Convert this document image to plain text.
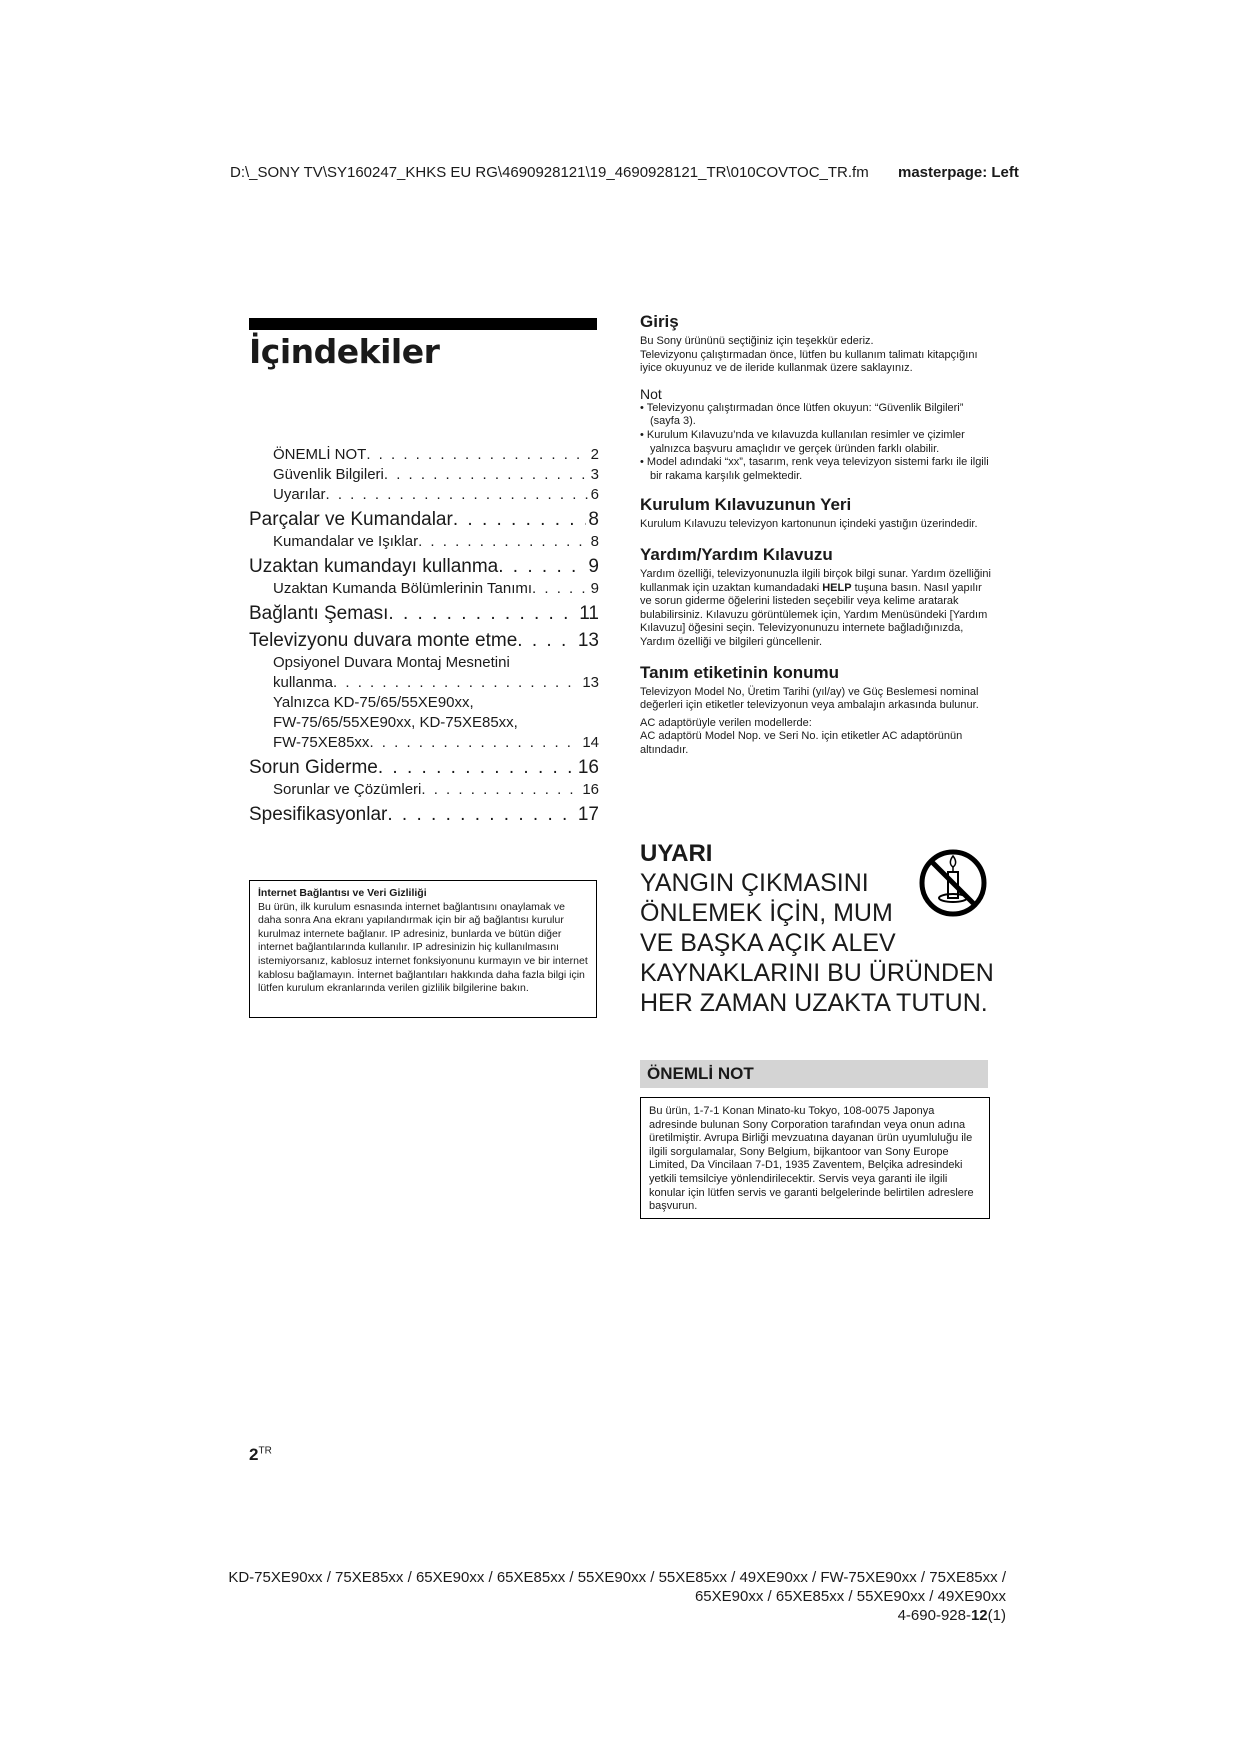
D:\_SONY TV\SY160247_KHKS EU RG\4690928121\19_4690928121_TR\010COVTOC_TR.fm masterpage: Left
İçindekiler
ÖNEMLİ NOT . . .	2
Güvenlik Bilgileri . . .	3
Uyarılar . . .	6
Parçalar ve Kumandalar . . .	8
Kumandalar ve Işıklar . . .	8
Uzaktan kumandayı kullanma . . .	9
Uzaktan Kumanda Bölümlerinin Tanımı . . .	9
Bağlantı Şeması . . .	11
Televizyonu duvara monte etme . . .	13
Opsiyonel Duvara Montaj Mesnetini
kullanma . . .	13
Yalnızca KD-75/65/55XE90xx,
FW-75/65/55XE90xx, KD-75XE85xx,
FW-75XE85xx . . .	14
Sorun Giderme . . .	16
Sorunlar ve Çözümleri . . .	16
Spesifikasyonlar . . .	17
İnternet Bağlantısı ve Veri Gizliliği
Bu ürün, ilk kurulum esnasında internet bağlantısını onaylamak ve daha sonra Ana ekranı yapılandırmak için bir ağ bağlantısı kurulur kurulmaz internete bağlanır. IP adresiniz, bunlarda ve bütün diğer internet bağlantılarında kullanılır. IP adresinizin hiç kullanılmasını istemiyorsanız, kablosuz internet fonksiyonunu kurmayın ve bir internet kablosu bağlamayın. İnternet bağlantıları hakkında daha fazla bilgi için lütfen kurulum ekranlarında verilen gizlilik bilgilerine bakın.
Giriş

Bu Sony ürününü seçtiğiniz için teşekkür ederiz.

Televizyonu çalıştırmadan önce, lütfen bu kullanım talimatı kitapçığını iyice okuyunuz ve de ileride kullanmak üzere saklayınız.

Not
• Televizyonu çalıştırmadan önce lütfen okuyun: “Güvenlik Bilgileri” (sayfa 3).
• Kurulum Kılavuzu’nda ve kılavuzda kullanılan resimler ve çizimler yalnızca başvuru amaçlıdır ve gerçek üründen farklı olabilir.
• Model adındaki “xx”, tasarım, renk veya televizyon sistemi farkı ile ilgili bir rakama karşılık gelmektedir.
Kurulum Kılavuzunun Yeri

Kurulum Kılavuzu televizyon kartonunun içindeki yastığın üzerindedir.

Yardım/Yardım Kılavuzu

Yardım özelliği, televizyonunuzla ilgili birçok bilgi sunar. Yardım özelliğini kullanmak için uzaktan kumandadaki HELP tuşuna basın. Nasıl yapılır ve sorun giderme öğelerini listeden seçebilir veya kelime aratarak bulabilirsiniz. Kılavuzu görüntülemek için, Yardım Menüsündeki [Yardım Kılavuzu] öğesini seçin. Televizyonunuzu internete bağladığınızda, Yardım özelliği ve bilgileri güncellenir.

Tanım etiketinin konumu

Televizyon Model No, Üretim Tarihi (yıl/ay) ve Güç Beslemesi nominal değerleri için etiketler televizyonun veya ambalajın arkasında bulunur.

AC adaptörüyle verilen modellerde:

AC adaptörü Model Nop. ve Seri No. için etiketler AC adaptörünün altındadır.

UYARI
YANGIN ÇIKMASINI
ÖNLEMEK İÇİN, MUM
VE BAŞKA AÇIK ALEV
KAYNAKLARINI BU ÜRÜNDEN
HER ZAMAN UZAKTA TUTUN.
ÖNEMLİ NOT
Bu ürün, 1-7-1 Konan Minato-ku Tokyo, 108-0075 Japonya adresinde bulunan Sony Corporation tarafından veya onun adına üretilmiştir. Avrupa Birliği mevzuatına dayanan ürün uyumluluğu ile ilgili sorgulamalar, Sony Belgium, bijkantoor van Sony Europe Limited, Da Vincilaan 7-D1, 1935 Zaventem, Belçika adresindeki yetkili temsilciye yönlendirilecektir. Servis veya garanti ile ilgili konular için lütfen servis ve garanti belgelerinde belirtilen adreslere başvurun.
$2^{TR}$
KD-75XE90xx / 75XE85xx / 65XE90xx / 65XE85xx / 55XE90xx / 55XE85xx / 49XE90xx / FW-75XE90xx / 75XE85xx /
65XE90xx / 65XE85xx / 55XE90xx / 49XE90xx
4-690-928-12(1)
